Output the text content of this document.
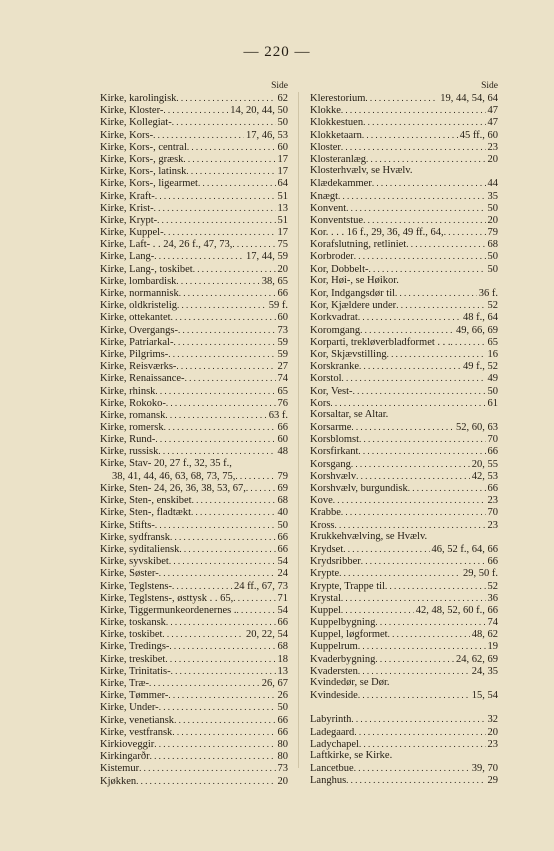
— 220 —
Side
Kirke, karolingisk . . .	62
Kirke, Kloster- . . .	14, 20, 44, 50
Kirke, Kollegiat- . . .	50
Kirke, Kors- . . .	17, 46, 53
Kirke, Kors-, central . . .	60
Kirke, Kors-, græsk . . .	17
Kirke, Kors-, latinsk . . .	17
Kirke, Kors-, ligearmet . . .	64
Kirke, Kraft- . . .	51
Kirke, Krist- . . .	13
Kirke, Krypt- . . .	51
Kirke, Kuppel- . . .	17
Kirke, Laft- . . 24, 26 f., 47, 73, . . .	75
Kirke, Lang- . . .	17, 44, 59
Kirke, Lang-, toskibet . . .	20
Kirke, lombardisk . . .	38, 65
Kirke, normannisk . . .	66
Kirke, oldkristelig . . .	59 f.
Kirke, ottekantet . . .	60
Kirke, Overgangs- . . .	73
Kirke, Patriarkal- . . .	59
Kirke, Pilgrims- . . .	59
Kirke, Reisværks- . . .	27
Kirke, Renaissance- . . .	74
Kirke, rhinsk . . .	65
Kirke, Rokoko- . . .	76
Kirke, romansk . . .	63 f.
Kirke, romersk . . .	66
Kirke, Rund- . . .	60
Kirke, russisk . . .	48
Kirke, Stav- 20, 27 f., 32, 35 f.,
38, 41, 44, 46, 63, 68, 73, 75, . . .	79
Kirke, Sten- 24, 26, 36, 38, 53, 67, . . .	69
Kirke, Sten-, enskibet . . .	68
Kirke, Sten-, fladtækt . . .	40
Kirke, Stifts- . . .	50
Kirke, sydfransk . . .	66
Kirke, syditaliensk . . .	66
Kirke, syvskibet . . .	54
Kirke, Søster- . . .	24
Kirke, Teglstens- . . .	24 ff., 67, 73
Kirke, Teglstens-, østtysk . . 65, . . .	71
Kirke, Tiggermunkeordenernes . . . .	54
Kirke, toskansk . . .	66
Kirke, toskibet . . .	20, 22, 54
Kirke, Tredings- . . .	68
Kirke, treskibet . . .	18
Kirke, Trinitatis- . . .	13
Kirke, Træ- . . .	26, 67
Kirke, Tømmer- . . .	26
Kirke, Under- . . .	50
Kirke, venetiansk . . .	66
Kirke, vestfransk . . .	66
Kirkiovеggir . . .	80
Kirkingarðr . . .	80
Kistemur . . .	73
Kjøkken . . .	20
Side
Klerestorium . . .	19, 44, 54, 64
Klokke . . .	47
Klokkestuen . . .	47
Klokketaarn . . .	45 ff., 60
Kloster . . .	23
Klosteranlæg . . .	20
Klosterhvælv, se Hvælv.
Klædekammer . . .	44
Knægt . . .	35
Konvent . . .	50
Konventstue . . .	20
Kor. . . . 16 f., 29, 36, 49 ff., 64, . . .	79
Korafslutning, retliniet . . .	68
Korbroder . . .	50
Kor, Dobbelt- . . .	50
Kor, Høi-, se Høikor.
Kor, Indgangsdør til . . .	36 f.
Kor, Kjældere under . . .	52
Korkvadrat . . .	48 f., 64
Koromgang . . .	49, 66, 69
Korparti, trekløverbladformet . . . . . .	65
Kor, Skjævstilling . . .	16
Korskranke . . .	49 f., 52
Korstol . . .	49
Kor, Vest- . . .	50
Kors . . .	61
Korsaltar, se Altar.
Korsarme . . .	52, 60, 63
Korsblomst . . .	70
Korsfirkant . . .	66
Korsgang . . .	20, 55
Korshvælv . . .	42, 53
Korshvælv, burgundisk . . .	66
Kove . . .	23
Krabbe . . .	70
Kross . . .	23
Krukkehvælving, se Hvælv.
Krydset . . .	46, 52 f., 64, 66
Krydsribber . . .	66
Krypte . . .	29, 50 f.
Krypte, Trappe til . . .	52
Krystal . . .	36
Kuppel . . .	42, 48, 52, 60 f., 66
Kuppelbygning . . .	74
Kuppel, løgformet . . .	48, 62
Kuppelrum . . .	19
Kvaderbygning . . .	24, 62, 69
Kvadersten . . .	24, 35
Kvindedør, se Dør.
Kvindeside . . .	15, 54
Labyrinth . . .	32
Ladegaard . . .	20
Ladychapel . . .	23
Laftkirke, se Kirke.
Lancetbue . . .	39, 70
Langhus . . .	29
